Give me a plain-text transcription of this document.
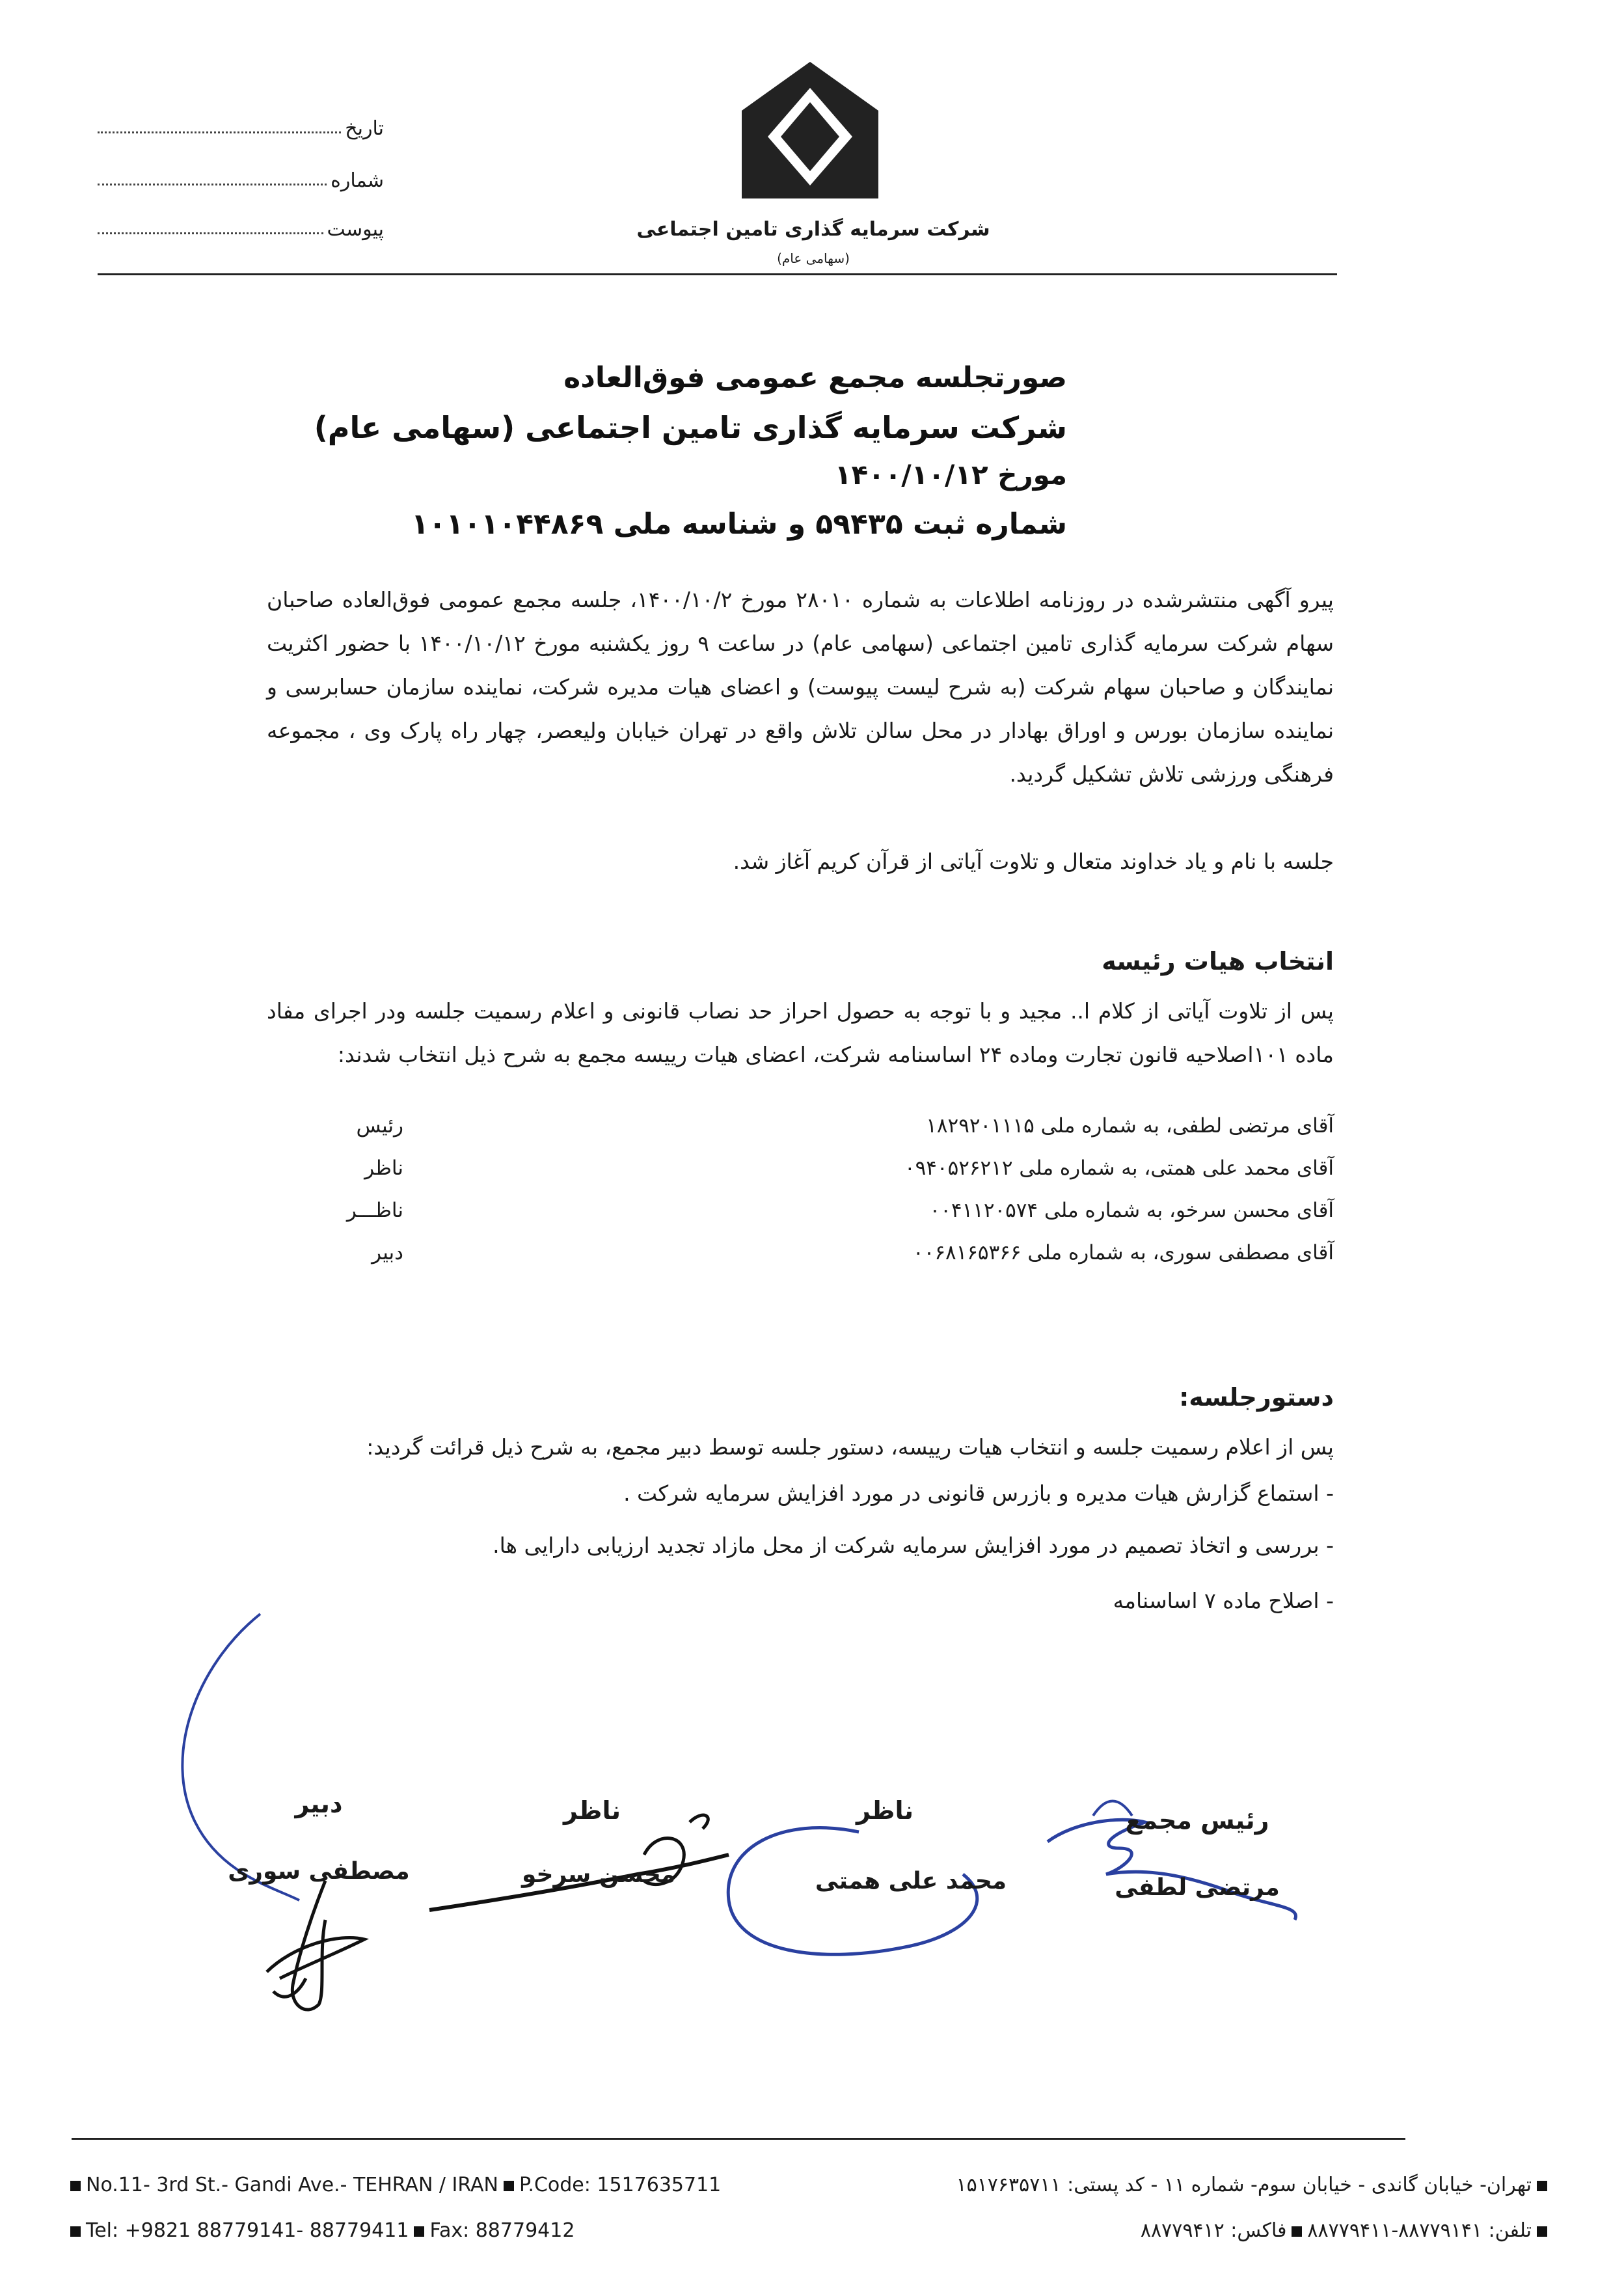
شرکت سرمایه گذاری تامین اجتماعی
(سهامی عام)
تاریخ
شماره
پیوست
صورتجلسه مجمع عمومی فوق‌العاده
شرکت سرمایه گذاری تامین اجتماعی (سهامی عام)
مورخ ۱۴۰۰/۱۰/۱۲
شماره ثبت ۵۹۴۳۵ و شناسه ملی ۱۰۱۰۱۰۴۴۸۶۹
پیرو آگهی منتشرشده در روزنامه اطلاعات به شماره ۲۸۰۱۰ مورخ ۱۴۰۰/۱۰/۲، جلسه مجمع عمومی فوق‌العاده صاحبان سهام شرکت سرمایه گذاری تامین اجتماعی (سهامی عام) در ساعت ۹ روز یکشنبه مورخ ۱۴۰۰/۱۰/۱۲ با حضور اکثریت نمایندگان و صاحبان سهام شرکت (به شرح لیست پیوست) و اعضای هیات مدیره شرکت، نماینده سازمان حسابرسی و نماینده سازمان بورس و اوراق بهادار در محل سالن تلاش واقع در تهران خیابان ولیعصر، چهار راه پارک وی ، مجموعه فرهنگی ورزشی تلاش تشکیل گردید.
جلسه با نام و یاد خداوند متعال و تلاوت آیاتی از قرآن کریم آغاز شد.
انتخاب هیات رئیسه
پس از تلاوت آیاتی از کلام ا.. مجید و با توجه به حصول احراز حد نصاب قانونی و اعلام رسمیت جلسه ودر اجرای مفاد ماده ۱۰۱اصلاحیه قانون تجارت وماده ۲۴ اساسنامه شرکت، اعضای هیات رییسه مجمع به شرح ذیل انتخاب شدند:
آقای مرتضی لطفی، به شماره ملی ۱۸۲۹۲۰۱۱۱۵
رئیس
آقای محمد علی همتی، به شماره ملی ۰۹۴۰۵۲۶۲۱۲
ناظر
آقای محسن سرخو، به شماره ملی ۰۰۴۱۱۲۰۵۷۴
ناظـــر
آقای مصطفی سوری، به شماره ملی ۰۰۶۸۱۶۵۳۶۶
دبیر
دستورجلسه:
پس از اعلام رسمیت جلسه و انتخاب هیات رییسه، دستور جلسه توسط دبیر مجمع، به شرح ذیل قرائت گردید:
- استماع گزارش هیات مدیره و بازرس قانونی در مورد افزایش سرمایه شرکت .
- بررسی و اتخاذ تصمیم در مورد افزایش سرمایه شرکت از محل مازاد تجدید ارزیابی دارایی ها.
- اصلاح ماده ۷ اساسنامه
رئیس مجمع
مرتضی لطفی
ناظر
محمد علی همتی
ناظر
محسن سرخو
دبیر
مصطفی سوری
No.11- 3rd St.- Gandi Ave.- TEHRAN / IRAN P.Code: 1517635711
Tel: +9821 88779141- 88779411 Fax: 88779412
تهران- خیابان گاندی - خیابان سوم- شماره ۱۱ - کد پستی: ۱۵۱۷۶۳۵۷۱۱
تلفن: ۸۸۷۷۹۱۴۱-۸۸۷۷۹۴۱۱فاکس: ۸۸۷۷۹۴۱۲
